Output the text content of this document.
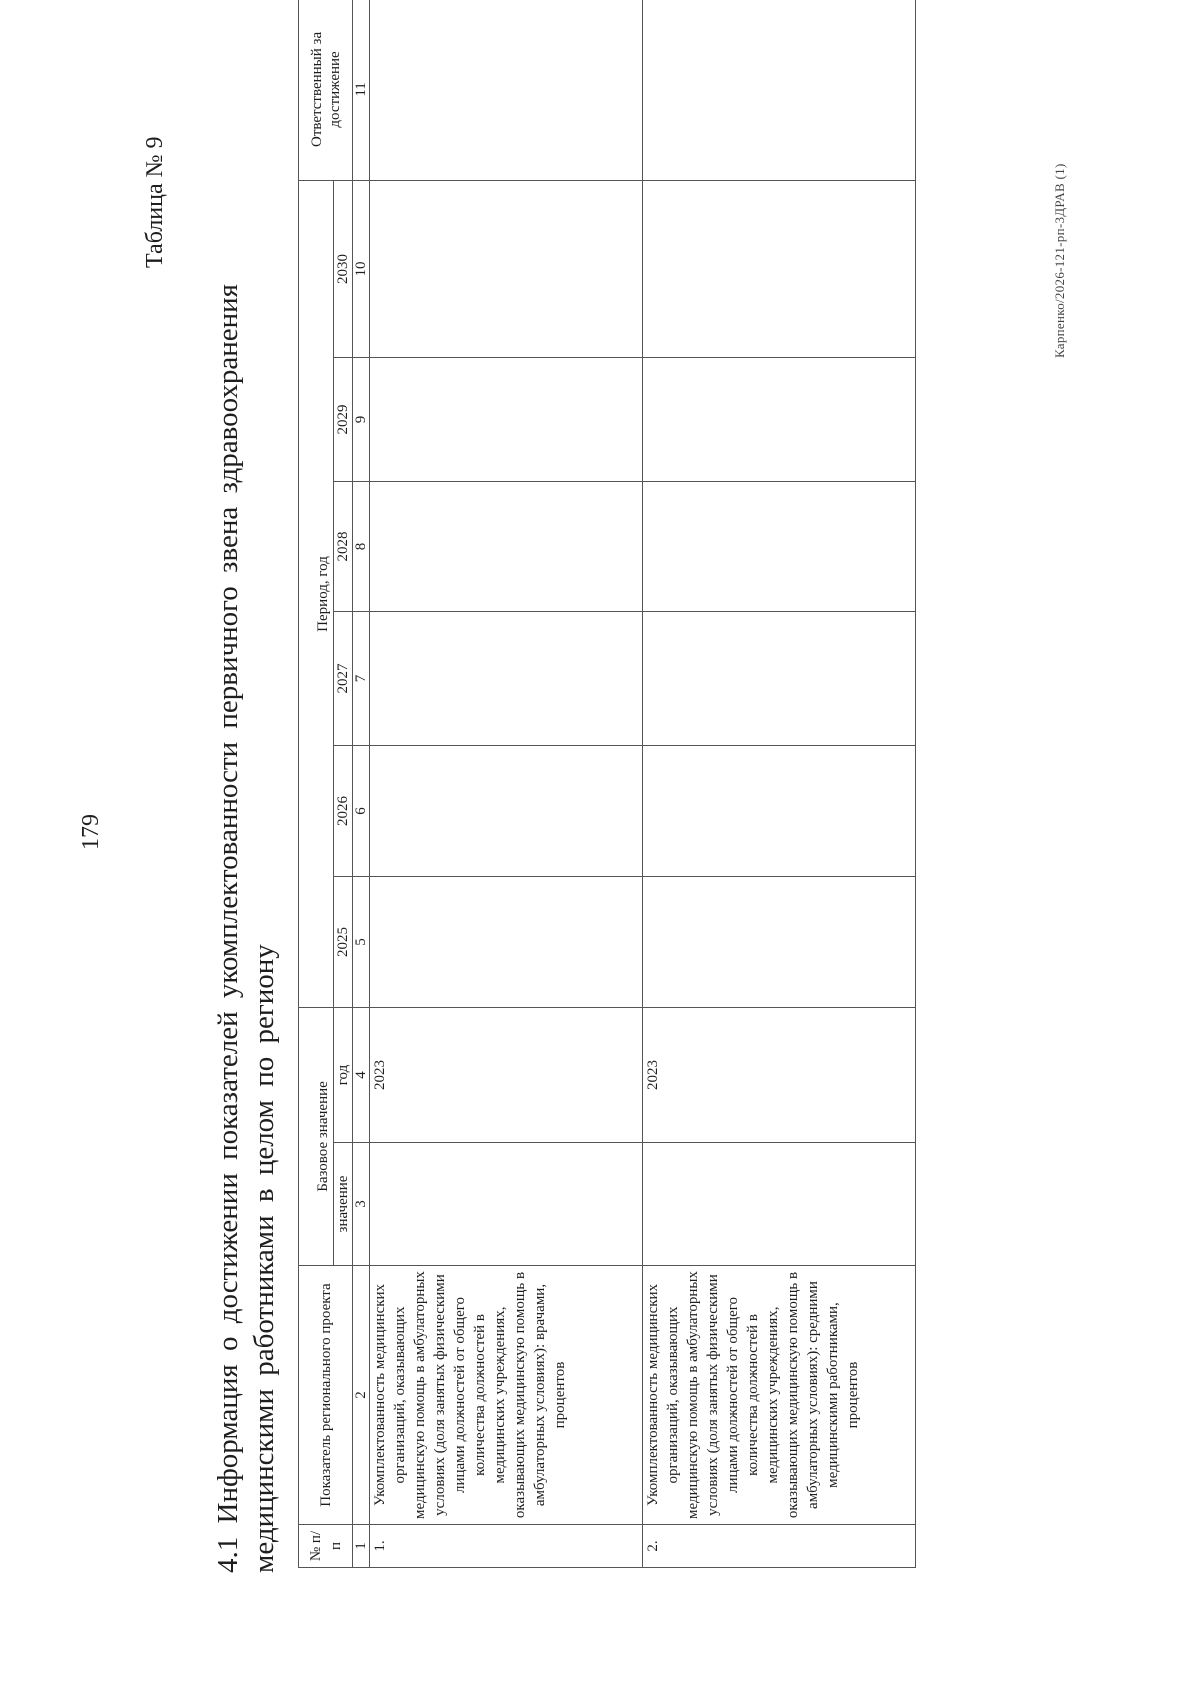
179
Таблица № 9
4.1 Информация о достижении показателей укомплектованности первичного звена здравоохранения медицинскими работниками в целом по региону № п/п	Показатель регионального проекта	Базовое значение		Период, год						Ответственный за достижение
		значение	год	2025	2026	2027	2028	2029	2030	
1	2	3	4	5	6	7	8	9	10	11
1.	Укомплектованность медицинских организаций, оказывающих медицинскую помощь в амбулаторных условиях (доля занятых физическими лицами должностей от общего количества должностей в медицинских учреждениях, оказывающих медицинскую помощь в амбулаторных условиях): врачами, процентов		2023							
2.	Укомплектованность медицинских организаций, оказывающих медицинскую помощь в амбулаторных условиях (доля занятых физическими лицами должностей от общего количества должностей в медицинских учреждениях, оказывающих медицинскую помощь в амбулаторных условиях): средними медицинскими работниками, процентов		2023							
Карпенко/2026-121-рп-3ДРАВ (1)
